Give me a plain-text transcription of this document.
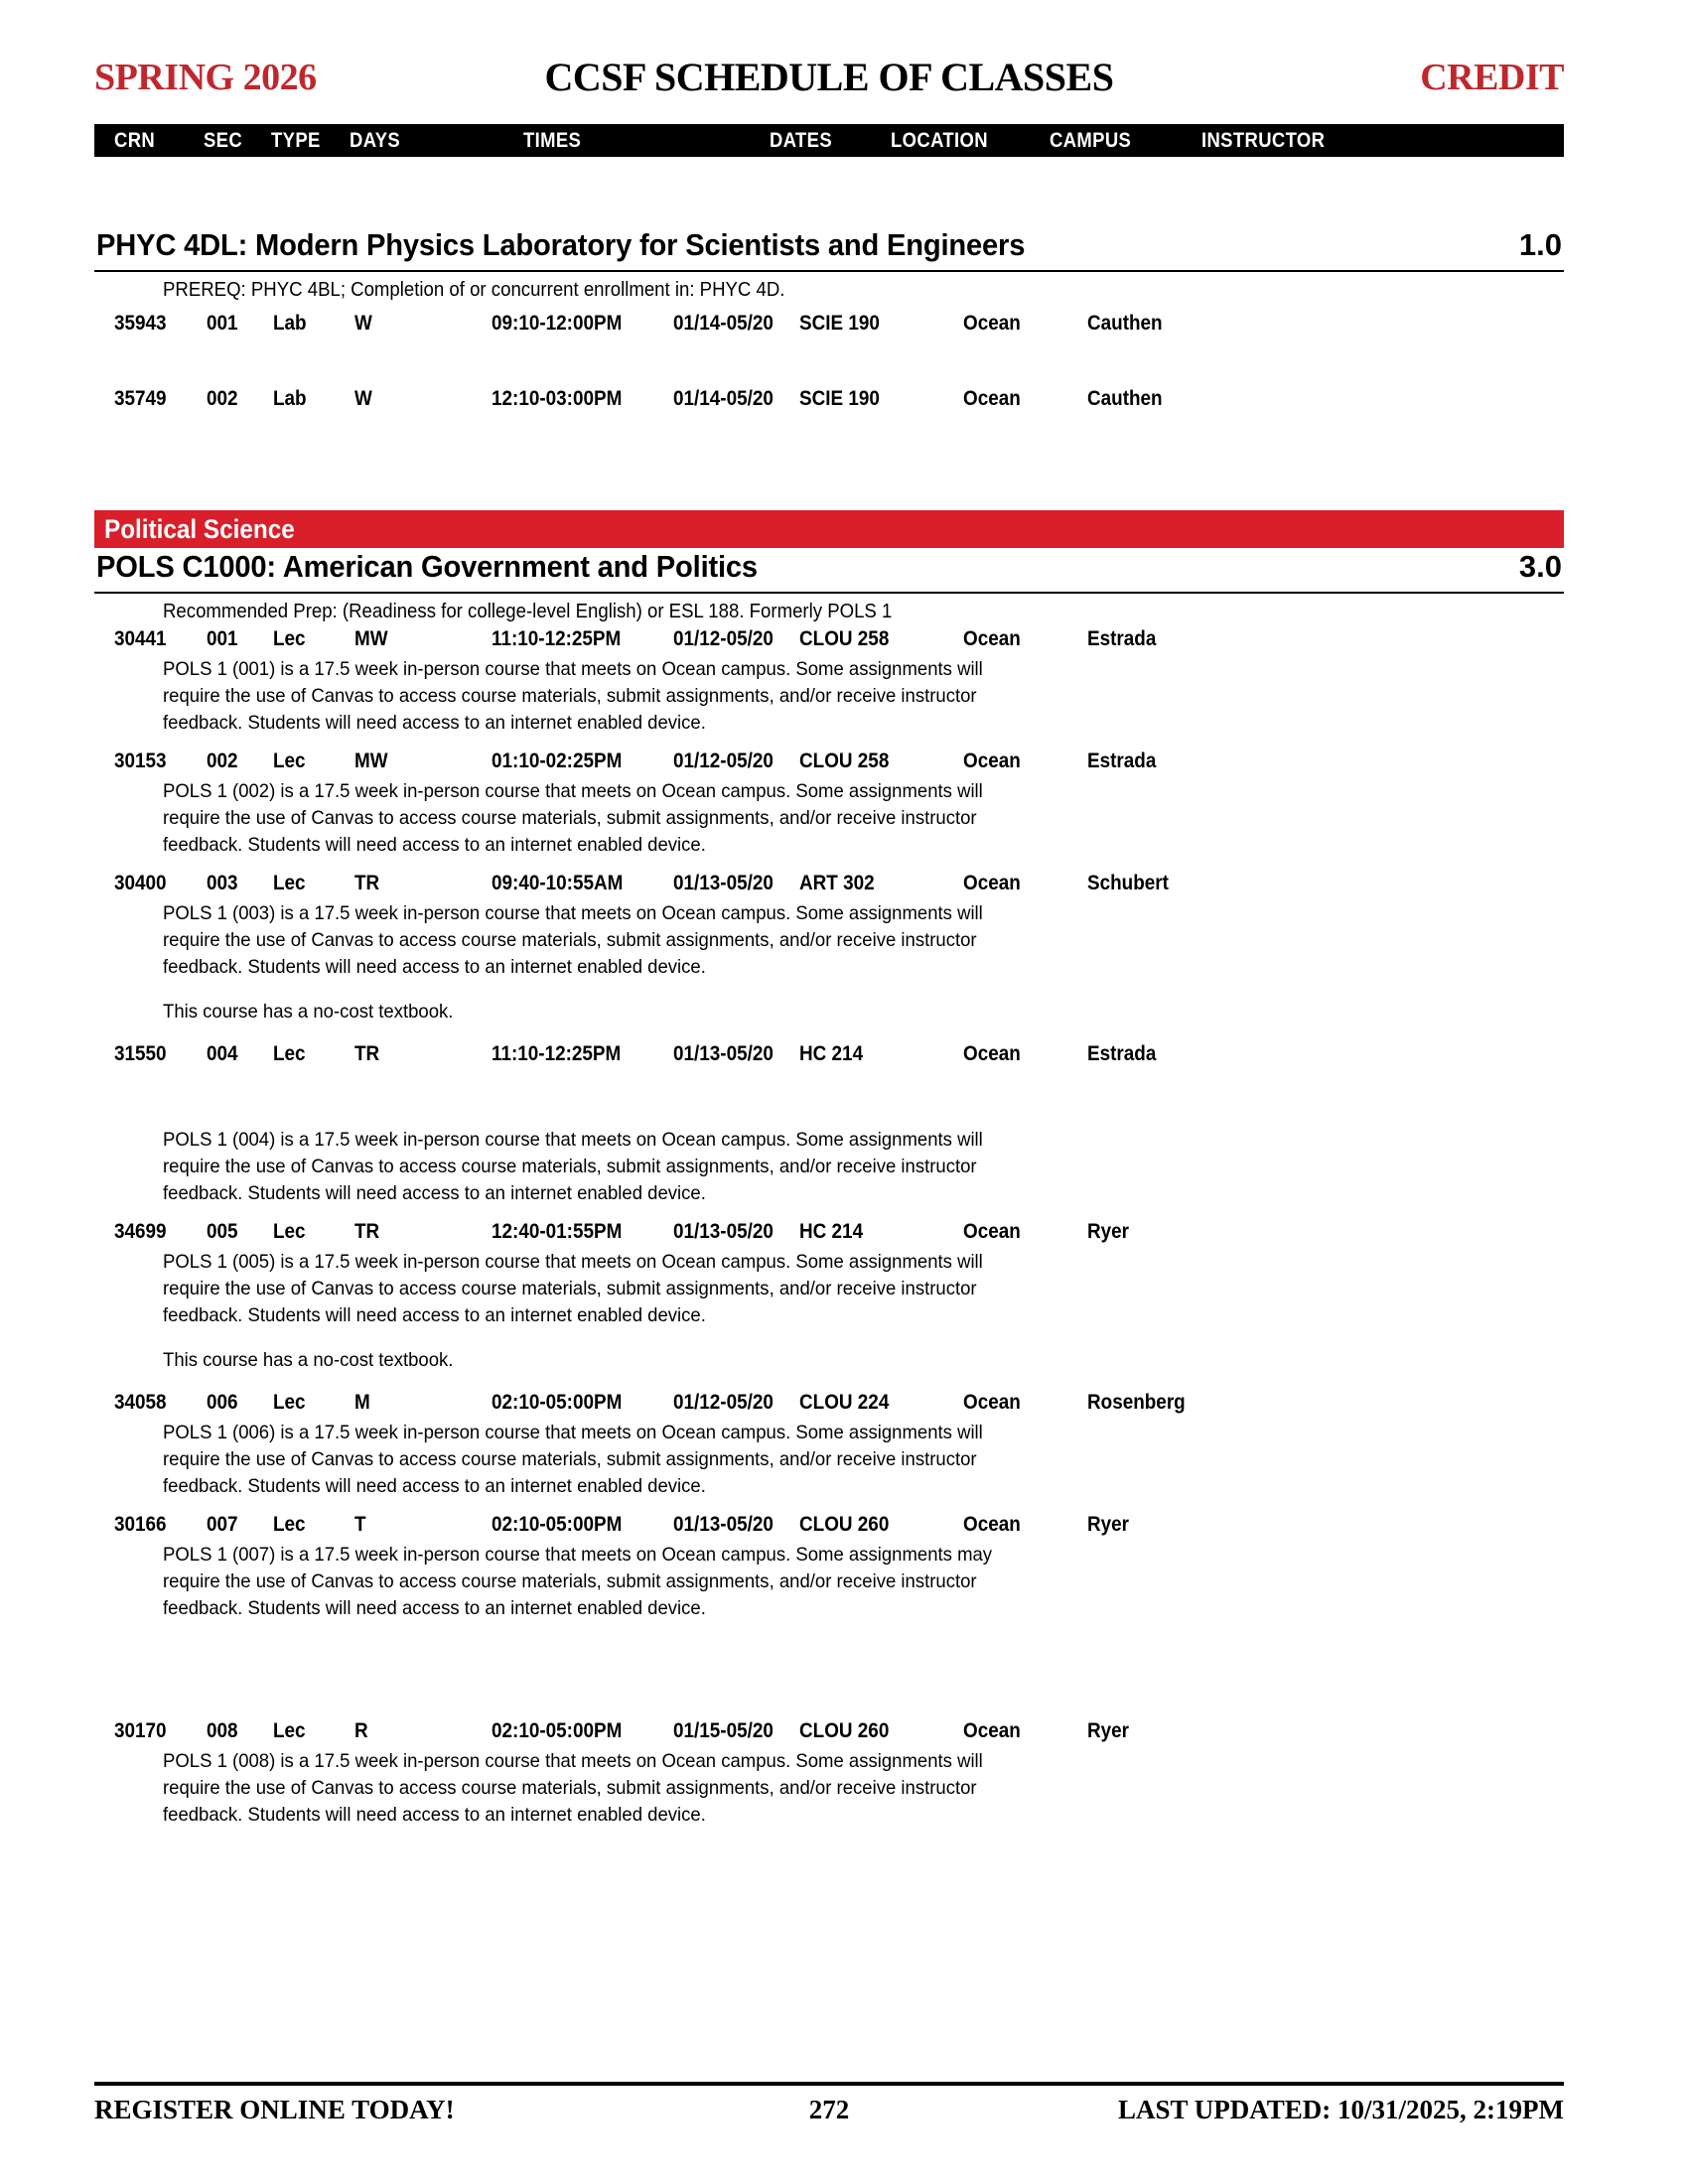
SPRING 2026	CCSF SCHEDULE OF CLASSES	CREDIT
CRN SEC TYPE DAYS	TIMES	DATES	LOCATION	CAMPUS	INSTRUCTOR
PHYC 4DL: Modern Physics Laboratory for Scientists and Engineers	1.0
PREREQ: PHYC 4BL; Completion of or concurrent enrollment in: PHYC 4D.
35943 001 Lab W	09:10-12:00PM 01/14-05/20 SCIE 190	Ocean	Cauthen
35749 002 Lab W	12:10-03:00PM 01/14-05/20 SCIE 190	Ocean	Cauthen
Political Science
POLS C1000: American Government and Politics	3.0
Recommended Prep: (Readiness for college-level English) or ESL 188. Formerly POLS 1
30441 001 Lec MW	11:10-12:25PM	01/12-05/20 CLOU 258	Ocean	Estrada
POLS 1 (001) is a 17.5 week in-person course that meets on Ocean campus. Some assignments will require the use of Canvas to access course materials, submit assignments, and/or receive instructor feedback. Students will need access to an internet enabled device.
30153 002 Lec MW	01:10-02:25PM 01/12-05/20 CLOU 258	Ocean	Estrada
POLS 1 (002) is a 17.5 week in-person course that meets on Ocean campus. Some assignments will require the use of Canvas to access course materials, submit assignments, and/or receive instructor feedback. Students will need access to an internet enabled device.
30400 003 Lec TR	09:40-10:55AM 01/13-05/20 ART 302	Ocean	Schubert
POLS 1 (003) is a 17.5 week in-person course that meets on Ocean campus. Some assignments will require the use of Canvas to access course materials, submit assignments, and/or receive instructor feedback. Students will need access to an internet enabled device.
This course has a no-cost textbook.
31550 004 Lec TR	11:10-12:25PM	01/13-05/20 HC 214	Ocean	Estrada
POLS 1 (004) is a 17.5 week in-person course that meets on Ocean campus. Some assignments will require the use of Canvas to access course materials, submit assignments, and/or receive instructor feedback. Students will need access to an internet enabled device.
34699 005 Lec TR	12:40-01:55PM 01/13-05/20 HC 214	Ocean	Ryer
POLS 1 (005) is a 17.5 week in-person course that meets on Ocean campus. Some assignments will require the use of Canvas to access course materials, submit assignments, and/or receive instructor feedback. Students will need access to an internet enabled device.
This course has a no-cost textbook.
34058 006 Lec M	02:10-05:00PM 01/12-05/20 CLOU 224	Ocean	Rosenberg
POLS 1 (006) is a 17.5 week in-person course that meets on Ocean campus. Some assignments will require the use of Canvas to access course materials, submit assignments, and/or receive instructor feedback. Students will need access to an internet enabled device.
30166 007 Lec T	02:10-05:00PM 01/13-05/20 CLOU 260	Ocean	Ryer
POLS 1 (007) is a 17.5 week in-person course that meets on Ocean campus. Some assignments may require the use of Canvas to access course materials, submit assignments, and/or receive instructor feedback. Students will need access to an internet enabled device.
30170 008 Lec R	02:10-05:00PM 01/15-05/20 CLOU 260	Ocean	Ryer
POLS 1 (008) is a 17.5 week in-person course that meets on Ocean campus. Some assignments will require the use of Canvas to access course materials, submit assignments, and/or receive instructor feedback. Students will need access to an internet enabled device.
REGISTER ONLINE TODAY!	272	LAST UPDATED: 10/31/2025, 2:19PM
